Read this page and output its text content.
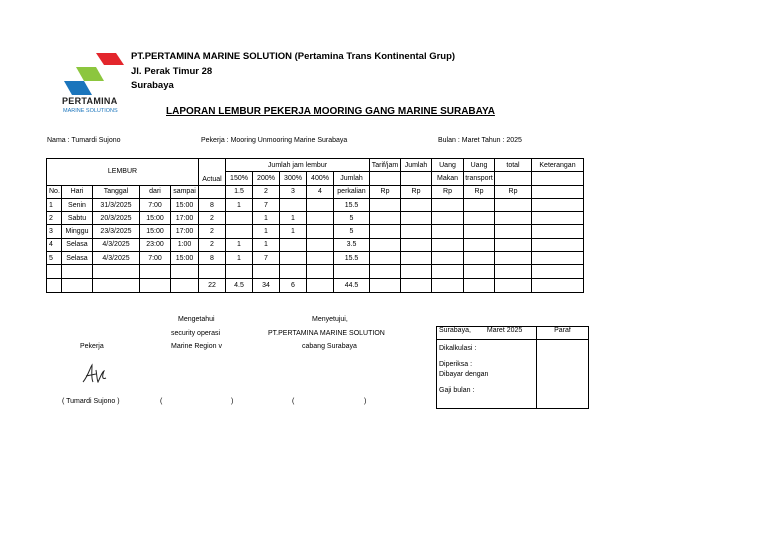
PERTAMINA
MARINE SOLUTIONS
PT.PERTAMINA MARINE SOLUTION (Pertamina Trans Kontinental Grup)
Jl. Perak Timur 28
Surabaya
LAPORAN LEMBUR PEKERJA MOORING GANG MARINE SURABAYA
Nama : Tumardi Sujono	Pekerja : Mooring Unmooring Marine Surabaya	Bulan : Maret Tahun : 2025
LEMBUR					Actual	Jumlah jam lembur					Tarif/jam	Jumlah	Uang	Uang	total	Keterangan
						150%	200%	300%	400%	Jumlah			Makan	transport		
No.	Hari	Tanggal	dari	sampai		1.5	2	3	4	perkalian	Rp	Rp	Rp	Rp	Rp	
1	Senin	31/3/2025	7:00	15:00	8	1	7			15.5						
2	Sabtu	20/3/2025	15:00	17:00	2		1	1		5						
3	Minggu	23/3/2025	15:00	17:00	2		1	1		5						
4	Selasa	4/3/2025	23:00	1:00	2	1	1			3.5						
5	Selasa	4/3/2025	7:00	15:00	8	1	7			15.5						

					22	4.5	34	6		44.5						
Mengetahui
security operasi
Marine Region v
Menyetujui,
PT.PERTAMINA MARINE SOLUTION
cabang Surabaya
Pekerja
( Tumardi Sujono )	(	)	(	)
Surabaya, Maret 2025	Paraf

Dikalkulasi :
Diperiksa :
Dibayar dengan
Gaji bulan :	
